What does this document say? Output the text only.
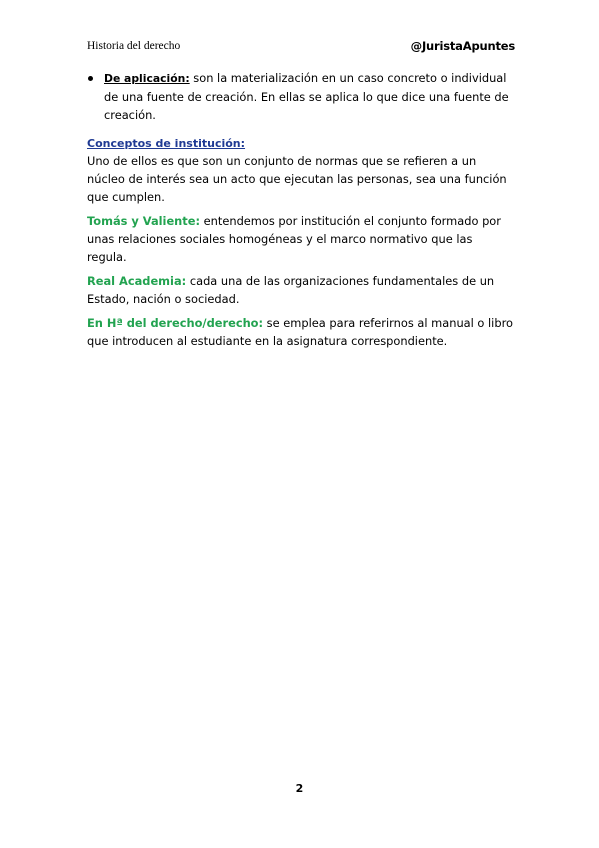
Historia del derecho	@JuristaApuntes

De aplicación: son la materialización en un caso concreto o individual de una fuente de creación. En ellas se aplica lo que dice una fuente de creación.

Conceptos de institución:

Uno de ellos es que son un conjunto de normas que se refieren a un núcleo de interés sea un acto que ejecutan las personas, sea una función que cumplen.

Tomás y Valiente: entendemos por institución el conjunto formado por unas relaciones sociales homogéneas y el marco normativo que las regula.

Real Academia: cada una de las organizaciones fundamentales de un Estado, nación o sociedad.

En Hª del derecho/derecho: se emplea para referirnos al manual o libro que introducen al estudiante en la asignatura correspondiente.

2
